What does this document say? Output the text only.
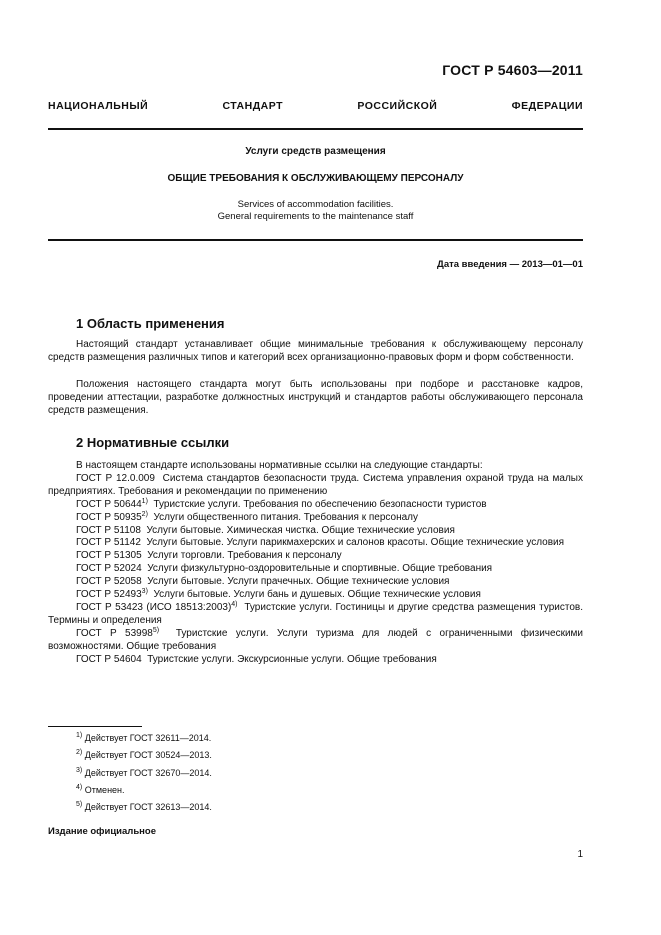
ГОСТ Р 54603—2011
НАЦИОНАЛЬНЫЙ СТАНДАРТ РОССИЙСКОЙ ФЕДЕРАЦИИ
Услуги средств размещения
ОБЩИЕ ТРЕБОВАНИЯ К ОБСЛУЖИВАЮЩЕМУ ПЕРСОНАЛУ
Services of accommodation facilities.
General requirements to the maintenance staff
Дата введения — 2013—01—01
1 Область применения

Настоящий стандарт устанавливает общие минимальные требования к обслуживающему персоналу средств размещения различных типов и категорий всех организационно-правовых форм и форм собственности.

Положения настоящего стандарта могут быть использованы при подборе и расстановке кадров, проведении аттестации, разработке должностных инструкций и стандартов работы обслуживающего персонала средств размещения.

2 Нормативные ссылки
В настоящем стандарте использованы нормативные ссылки на следующие стандарты:
ГОСТ Р 12.0.009 Система стандартов безопасности труда. Система управления охраной труда на малых предприятиях. Требования и рекомендации по применению
ГОСТ Р 50644$^{1)}$ Туристские услуги. Требования по обеспечению безопасности туристов
ГОСТ Р 50935$^{2)}$ Услуги общественного питания. Требования к персоналу
ГОСТ Р 51108 Услуги бытовые. Химическая чистка. Общие технические условия
ГОСТ Р 51142 Услуги бытовые. Услуги парикмахерских и салонов красоты. Общие технические условия
ГОСТ Р 51305 Услуги торговли. Требования к персоналу
ГОСТ Р 52024 Услуги физкультурно-оздоровительные и спортивные. Общие требования
ГОСТ Р 52058 Услуги бытовые. Услуги прачечных. Общие технические условия
ГОСТ Р 52493$^{3)}$ Услуги бытовые. Услуги бань и душевых. Общие технические условия
ГОСТ Р 53423 (ИСО 18513:2003)$^{4)}$ Туристские услуги. Гостиницы и другие средства размещения туристов. Термины и определения
ГОСТ Р 53998$^{5)}$ Туристские услуги. Услуги туризма для людей с ограниченными физическими возможностями. Общие требования
ГОСТ Р 54604 Туристские услуги. Экскурсионные услуги. Общие требования
$^{1)}$ Действует ГОСТ 32611—2014.
$^{2)}$ Действует ГОСТ 30524—2013.
$^{3)}$ Действует ГОСТ 32670—2014.
$^{4)}$ Отменен.
$^{5)}$ Действует ГОСТ 32613—2014.
Издание официальное
1
